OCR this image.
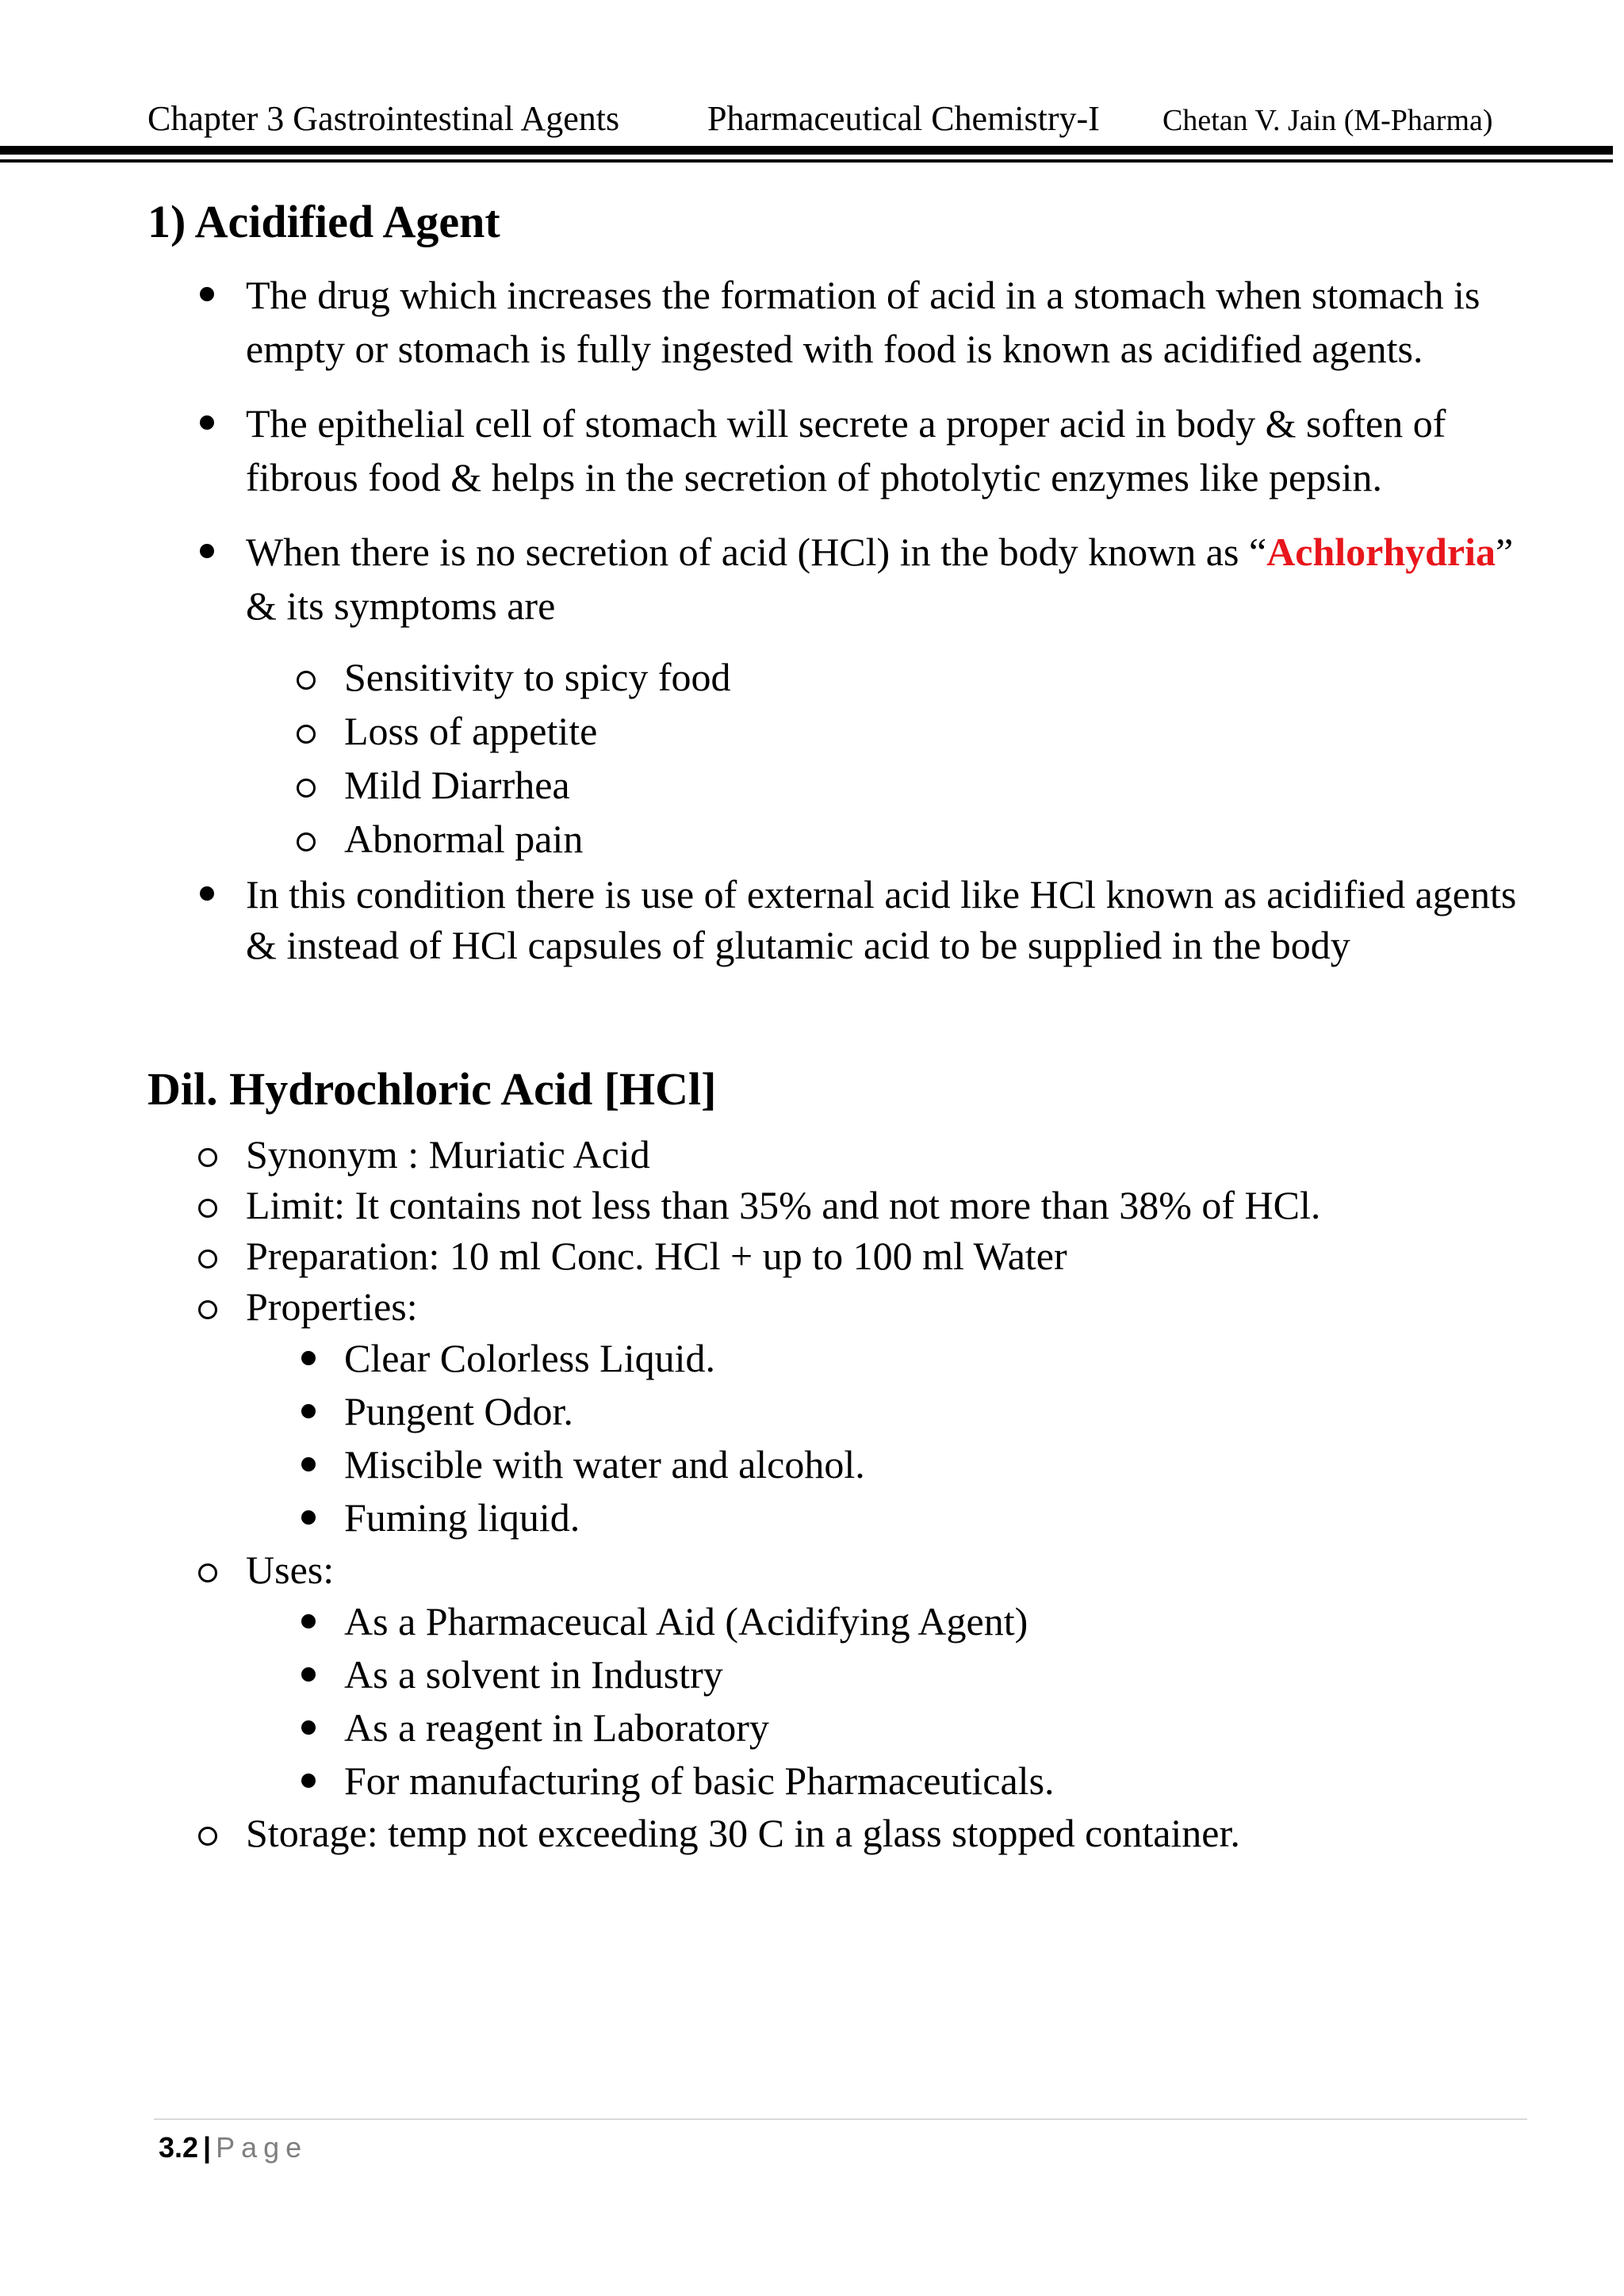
Chapter 3 Gastrointestinal Agents	Pharmaceutical Chemistry-I Chetan V. Jain (M-Pharma)
1) Acidified Agent
The drug which increases the formation of acid in a stomach when stomach is empty or stomach is fully ingested with food is known as acidified agents.
The epithelial cell of stomach will secrete a proper acid in body & soften of fibrous food & helps in the secretion of photolytic enzymes like pepsin.
When there is no secretion of acid (HCl) in the body known as “Achlorhydria” & its symptoms are
Sensitivity to spicy food
Loss of appetite
Mild Diarrhea
Abnormal pain
In this condition there is use of external acid like HCl known as acidified agents & instead of HCl capsules of glutamic acid to be supplied in the body
Dil. Hydrochloric Acid [HCl]
Synonym : Muriatic Acid
Limit: It contains not less than 35% and not more than 38% of HCl.
Preparation: 10 ml Conc. HCl + up to 100 ml Water
Properties:
Clear Colorless Liquid.
Pungent Odor.
Miscible with water and alcohol.
Fuming liquid.
Uses:
As a Pharmaceucal Aid (Acidifying Agent)
As a solvent in Industry
As a reagent in Laboratory
For manufacturing of basic Pharmaceuticals.
Storage: temp not exceeding 30 C in a glass stopped container.
3.2 | Page
